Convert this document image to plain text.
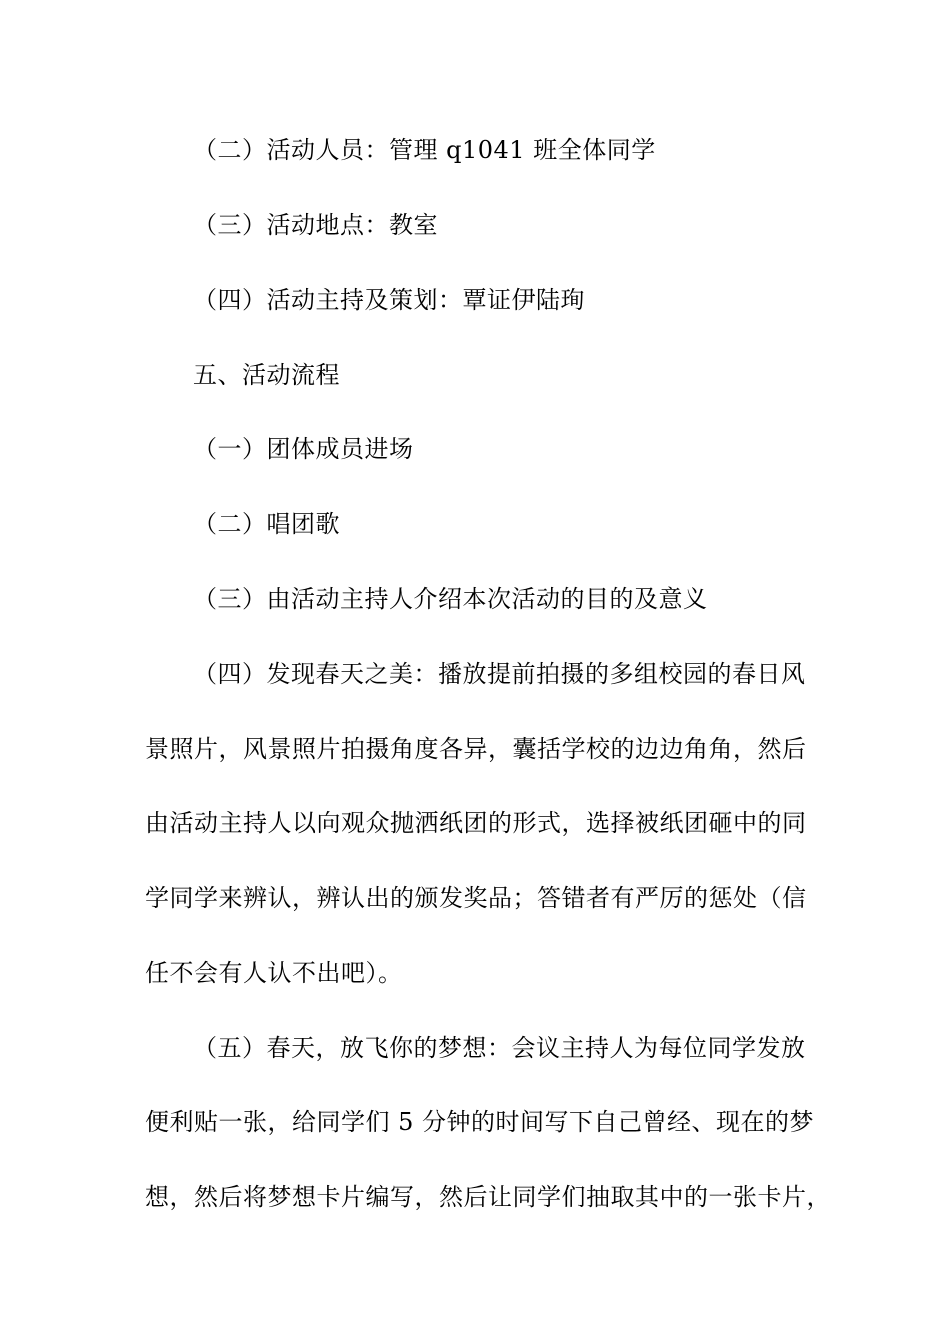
（二）活动人员：管理 q1041 班全体同学
（三）活动地点：教室
（四）活动主持及策划：覃证伊陆珣
五、活动流程
（一）团体成员进场
（二）唱团歌
（三）由活动主持人介绍本次活动的目的及意义
（四）发现春天之美：播放提前拍摄的多组校园的春日风
景照片，风景照片拍摄角度各异，囊括学校的边边角角，然后
由活动主持人以向观众抛洒纸团的形式，选择被纸团砸中的同
学同学来辨认，辨认出的颁发奖品；答错者有严厉的惩处（信
任不会有人认不出吧）。
（五）春天，放飞你的梦想：会议主持人为每位同学发放
便利贴一张，给同学们 5 分钟的时间写下自己曾经、现在的梦
想，然后将梦想卡片编写，然后让同学们抽取其中的一张卡片，
